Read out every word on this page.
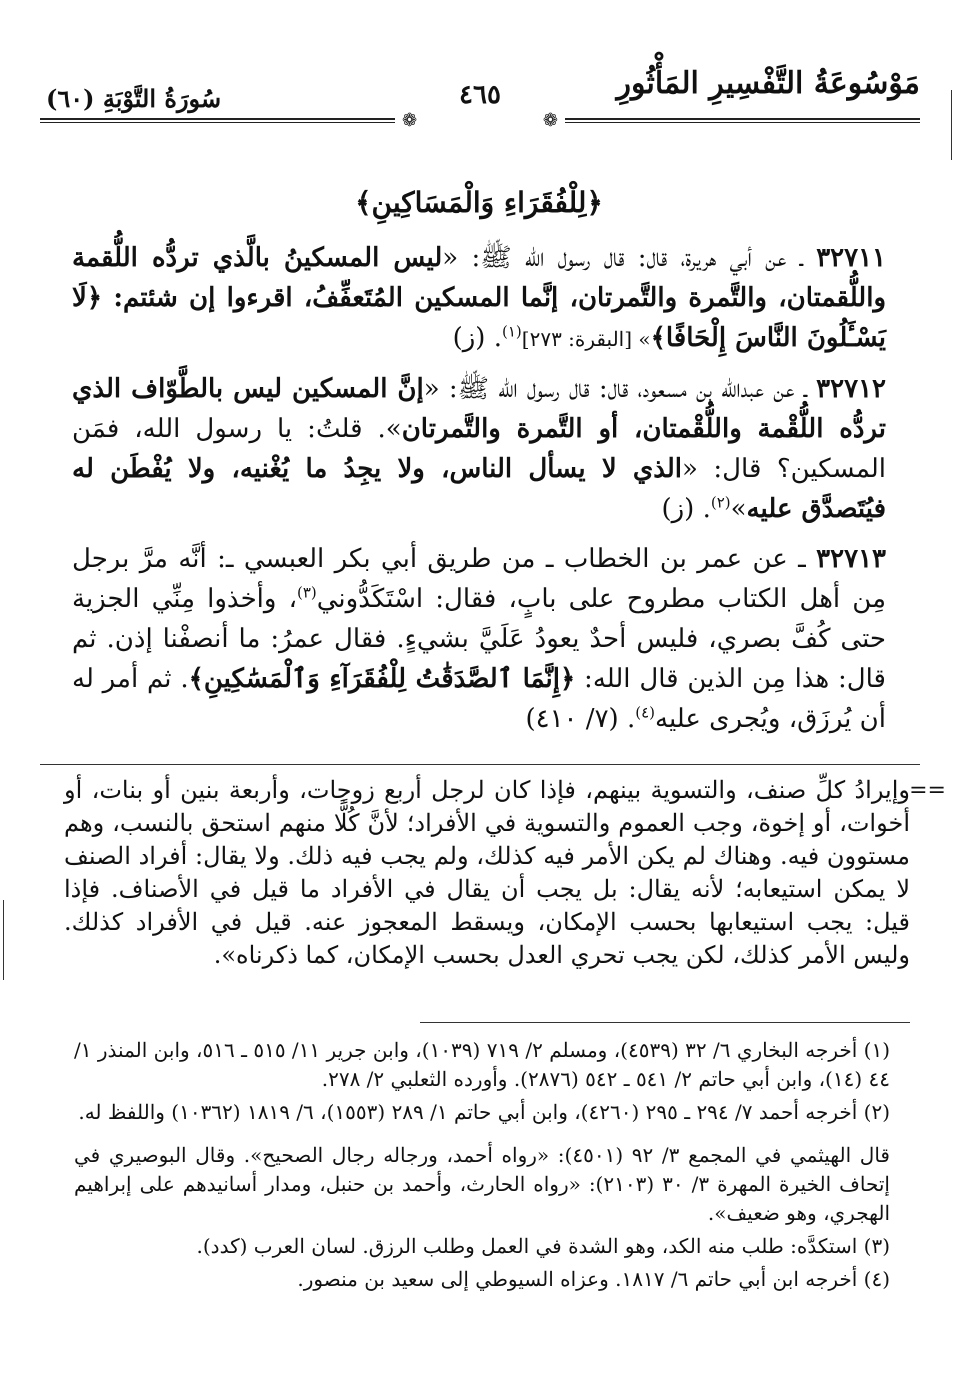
مَوْسُوعَةُ التَّفْسِيرِ المَأْثُورِ
٤٦٥
سُورَةُ التَّوْبَةِ (٦٠)
❁
❁
﴿لِلْفُقَرَاءِ وَالْمَسَاكِينِ﴾

٣٢٧١١ ـ عن أبي هريرة، قال: قال رسول الله ﷺ: «ليس المسكينُ بالَّذي تردُّه اللُّقمة واللُّقمتان، والتَّمرة والتَّمرتان، إنَّما المسكين المُتَعفِّفُ، اقرءوا إن شئتم: ﴿لَا يَسْـَٔلُونَ النَّاسَ إِلْحَافًا﴾» [البقرة: ٢٧٣]$^{(١)}$. (ز)

٣٢٧١٢ ـ عن عبدالله بن مسعود، قال: قال رسول الله ﷺ: «إنَّ المسكين ليس بالطَّوّاف الذي تردُّه اللُّقْمة واللُّقْمتان، أو التَّمرة والتَّمرتان». قلتُ: يا رسول الله، فمَن المسكين؟ قال: «الذي لا يسأل الناس، ولا يجِدُ ما يُغْنيه، ولا يُفْطَن له فيُتَصدَّق عليه»$^{(٢)}$. (ز)

٣٢٧١٣ ـ عن عمر بن الخطاب ـ من طريق أبي بكر العبسي ـ: أنَّه مرَّ برجل مِن أهل الكتاب مطروح على بابٍ، فقال: اسْتَكَدُّوني$^{(٣)}$، وأخذوا مِنِّي الجزية حتى كُفَّ بصري، فليس أحدٌ يعودُ عَلَيَّ بشيءٍ. فقال عمرُ: ما أنصفْنا إذن. ثم قال: هذا مِن الذين قال الله: ﴿إِنَّمَا ٱلصَّدَقَٰتُ لِلْفُقَرَآءِ وَٱلْمَسَٰكِينِ﴾. ثم أمر له أن يُرزَق، ويُجرى عليه$^{(٤)}$. (٧/ ٤١٠)

==
وإيرادُ كلِّ صنف، والتسوية بينهم، فإذا كان لرجل أربع زوجات، وأربعة بنين أو بنات، أو أخوات، أو إخوة، وجب العموم والتسوية في الأفراد؛ لأنَّ كُلًّا منهم استحق بالنسب، وهم مستوون فيه. وهناك لم يكن الأمر فيه كذلك، ولم يجب فيه ذلك. ولا يقال: أفراد الصنف لا يمكن استيعابه؛ لأنه يقال: بل يجب أن يقال في الأفراد ما قيل في الأصناف. فإذا قيل: يجب استيعابها بحسب الإمكان، ويسقط المعجوز عنه. قيل في الأفراد كذلك. وليس الأمر كذلك، لكن يجب تحري العدل بحسب الإمكان، كما ذكرناه».

(١) أخرجه البخاري ٦/ ٣٢ (٤٥٣٩)، ومسلم ٢/ ٧١٩ (١٠٣٩)، وابن جرير ١١/ ٥١٥ ـ ٥١٦، وابن المنذر ١/ ٤٤ (١٤)، وابن أبي حاتم ٢/ ٥٤١ ـ ٥٤٢ (٢٨٧٦). وأورده الثعلبي ٢/ ٢٧٨.

(٢) أخرجه أحمد ٧/ ٢٩٤ ـ ٢٩٥ (٤٢٦٠)، وابن أبي حاتم ١/ ٢٨٩ (١٥٥٣)، ٦/ ١٨١٩ (١٠٣٦٢) واللفظ له.

قال الهيثمي في المجمع ٣/ ٩٢ (٤٥٠١): «رواه أحمد، ورجاله رجال الصحيح». وقال البوصيري في إتحاف الخيرة المهرة ٣/ ٣٠ (٢١٠٣): «رواه الحارث، وأحمد بن حنبل، ومدار أسانيدهم على إبراهيم الهجري، وهو ضعيف».

(٣) استكدَّه: طلب منه الكد، وهو الشدة في العمل وطلب الرزق. لسان العرب (كدد).

(٤) أخرجه ابن أبي حاتم ٦/ ١٨١٧. وعزاه السيوطي إلى سعيد بن منصور.
